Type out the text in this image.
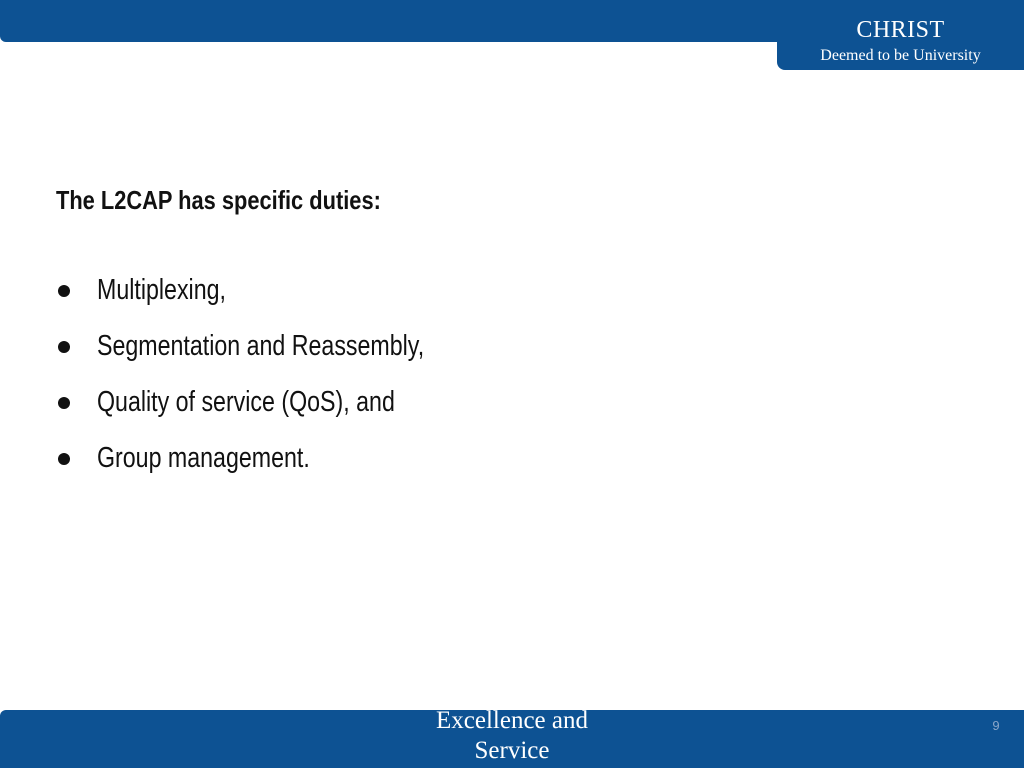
CHRIST
Deemed to be University
The L2CAP has specific duties:
Multiplexing,
Segmentation and Reassembly,
Quality of service (QoS), and
Group management.
Excellence and
Service
9
